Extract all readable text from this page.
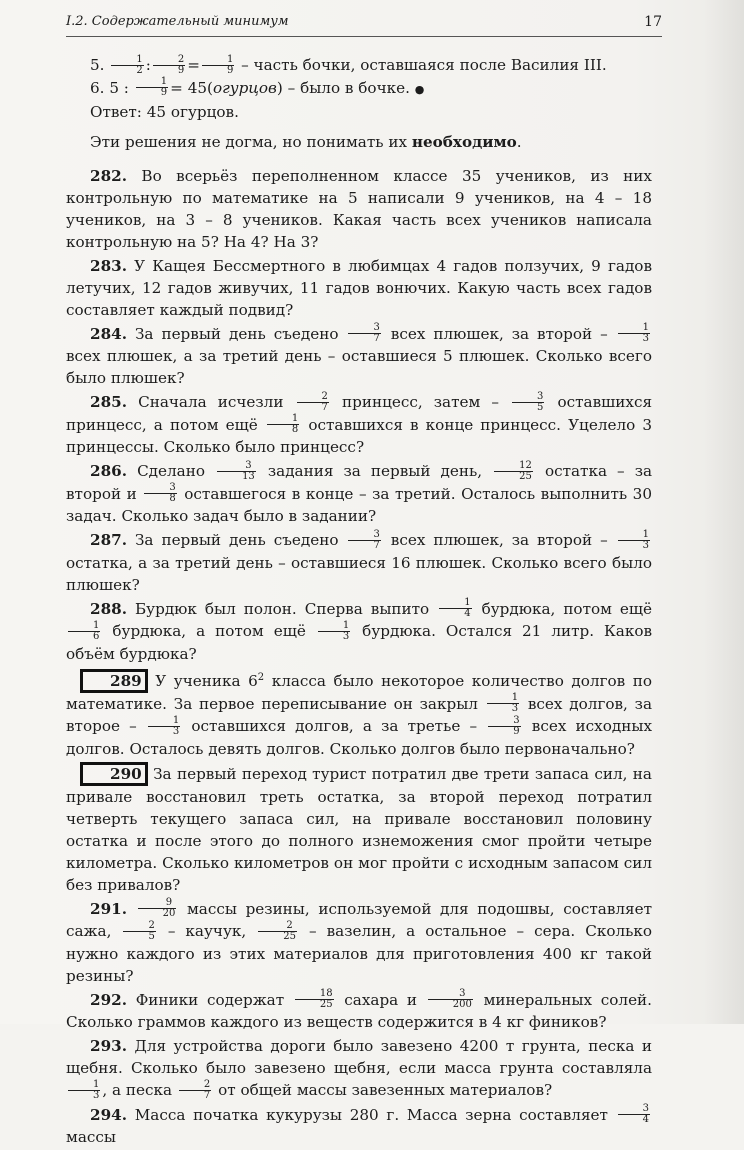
I.2. Содержательный минимум	17
5. $\frac{1}{2}$ : $\frac{2}{9} = \frac{1}{9}$ – часть бочки, оставшаяся после Василия III.
6. 5 : $\frac{1}{9}$ = 45(огурцов) – было в бочке. ●
Ответ: 45 огурцов.
Эти решения не догма, но понимать их необходимо.

282. Во всерьёз переполненном классе 35 учеников, из них контрольную по математике на 5 написали 9 учеников, на 4 – 18 учеников, на 3 – 8 учеников. Какая часть всех учеников написала контрольную на 5? На 4? На 3?

283. У Кащея Бессмертного в любимцах 4 гадов ползучих, 9 гадов летучих, 12 гадов живучих, 11 гадов вонючих. Какую часть всех гадов составляет каждый подвид?

284. За первый день съедено $\frac{3}{7}$ всех плюшек, за второй – $\frac{1}{3}$
всех плюшек, а за третий день – оставшиеся 5 плюшек. Сколько всего было плюшек?

285. Сначала исчезли $\frac{2}{7}$ принцесс, затем – $\frac{3}{5}$ оставшихся принцесс, а потом ещё $\frac{1}{8}$ оставшихся в конце принцесс. Уцелело 3 принцессы. Сколько было принцесс?

286. Сделано $\frac{3}{13}$ задания за первый день, $\frac{12}{25}$ остатка – за второй и $\frac{3}{8}$ оставшегося в конце – за третий. Осталось выполнить 30 задач. Сколько задач было в задании?

287. За первый день съедено $\frac{3}{7}$ всех плюшек, за второй – $\frac{1}{3}$
остатка, а за третий день – оставшиеся 16 плюшек. Сколько всего было плюшек?

288. Бурдюк был полон. Сперва выпито $\frac{1}{4}$ бурдюка, потом ещё
$\frac{1}{6}$ бурдюка, а потом ещё $\frac{1}{3}$ бурдюка. Остался 21 литр. Каков объём бурдюка?

289 У ученика $6^2$ класса было некоторое количество долгов по математике. За первое переписывание он закрыл $\frac{1}{3}$ всех долгов, за второе – $\frac{1}{3}$ оставшихся долгов, а за третье – $\frac{3}{9}$ всех исходных долгов. Осталось девять долгов. Сколько долгов было первоначально?

290 За первый переход турист потратил две трети запаса сил, на привале восстановил треть остатка, за второй переход потратил четверть текущего запаса сил, на привале восстановил половину остатка и после этого до полного изнеможения смог пройти четыре километра. Сколько километров он мог пройти с исходным запасом сил без привалов?

291. $\frac{9}{20}$ массы резины, используемой для подошвы, составляет сажа, $\frac{2}{5}$ – каучук, $\frac{2}{25}$ – вазелин, а остальное – сера. Сколько нужно каждого из этих материалов для приготовления 400 кг такой резины?

292. Финики содержат $\frac{18}{25}$ сахара и $\frac{3}{200}$ минеральных солей. Сколько граммов каждого из веществ содержится в 4 кг фиников?

293. Для устройства дороги было завезено 4200 т грунта, песка и щебня. Сколько было завезено щебня, если масса грунта составляла
$\frac{1}{3}$ , а песка $\frac{2}{7}$ от общей массы завезенных материалов?

294. Масса початка кукурузы 280 г. Масса зерна составляет $\frac{3}{4}$
массы
